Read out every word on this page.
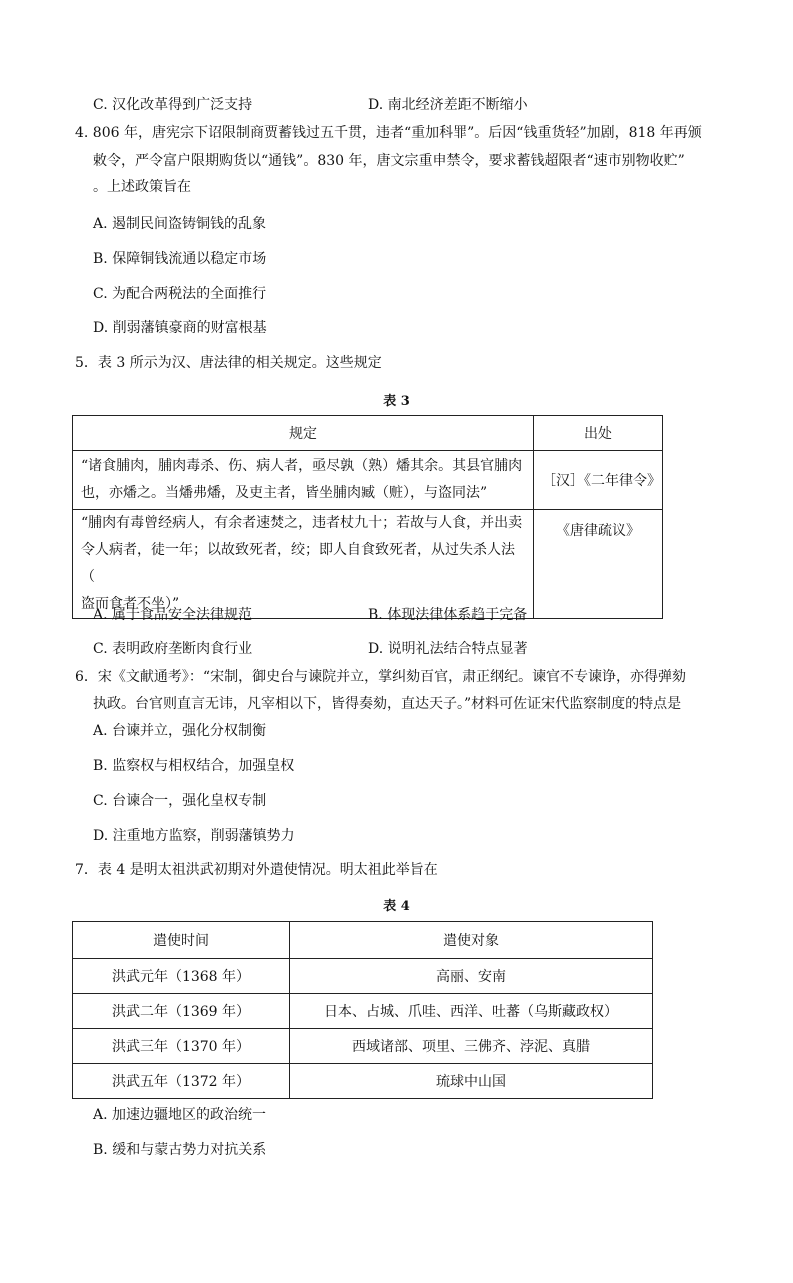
C. 汉化改革得到广泛支持	D. 南北经济差距不断缩小
4. 806 年，唐宪宗下诏限制商贾蓄钱过五千贯，违者“重加科罪”。后因“钱重货轻”加剧，818 年再颁
敕令，严令富户限期购货以“通钱”。830 年，唐文宗重申禁令，要求蓄钱超限者“速市别物收贮”
。上述政策旨在
A. 遏制民间盗铸铜钱的乱象
B. 保障铜钱流通以稳定市场
C. 为配合两税法的全面推行
D. 削弱藩镇豪商的财富根基
5．表 3 所示为汉、唐法律的相关规定。这些规定
表 3
规定	出处

“诸食脯肉，脯肉毒杀、伤、病人者，亟尽孰（熟）燔其余。其县官脯肉
也，亦燔之。当燔弗燔，及吏主者，皆坐脯肉臧（赃），与盗同法”	［汉］《二年律令》

“脯肉有毒曾经病人，有余者速焚之，违者杖九十；若故与人食，并出卖
令人病者，徒一年；以故致死者，绞；即人自食致死者，从过失杀人法（
盗而食者不坐）”	《唐律疏议》
A. 属于食品安全法律规范	B. 体现法律体系趋于完备
C. 表明政府垄断肉食行业	D. 说明礼法结合特点显著
6．宋《文献通考》：“宋制，御史台与谏院并立，掌纠劾百官，肃正纲纪。谏官不专谏诤，亦得弹劾
执政。台官则直言无讳，凡宰相以下，皆得奏劾，直达天子。”材料可佐证宋代监察制度的特点是
A. 台谏并立，强化分权制衡
B. 监察权与相权结合，加强皇权
C. 台谏合一，强化皇权专制
D. 注重地方监察，削弱藩镇势力
7．表 4 是明太祖洪武初期对外遣使情况。明太祖此举旨在
表 4
遣使时间	遣使对象
洪武元年（1368 年）	高丽、安南
洪武二年（1369 年）	日本、占城、爪哇、西洋、吐蕃（乌斯藏政权）
洪武三年（1370 年）	西域诸部、项里、三佛齐、浡泥、真腊
洪武五年（1372 年）	琉球中山国
A. 加速边疆地区的政治统一
B. 缓和与蒙古势力对抗关系
